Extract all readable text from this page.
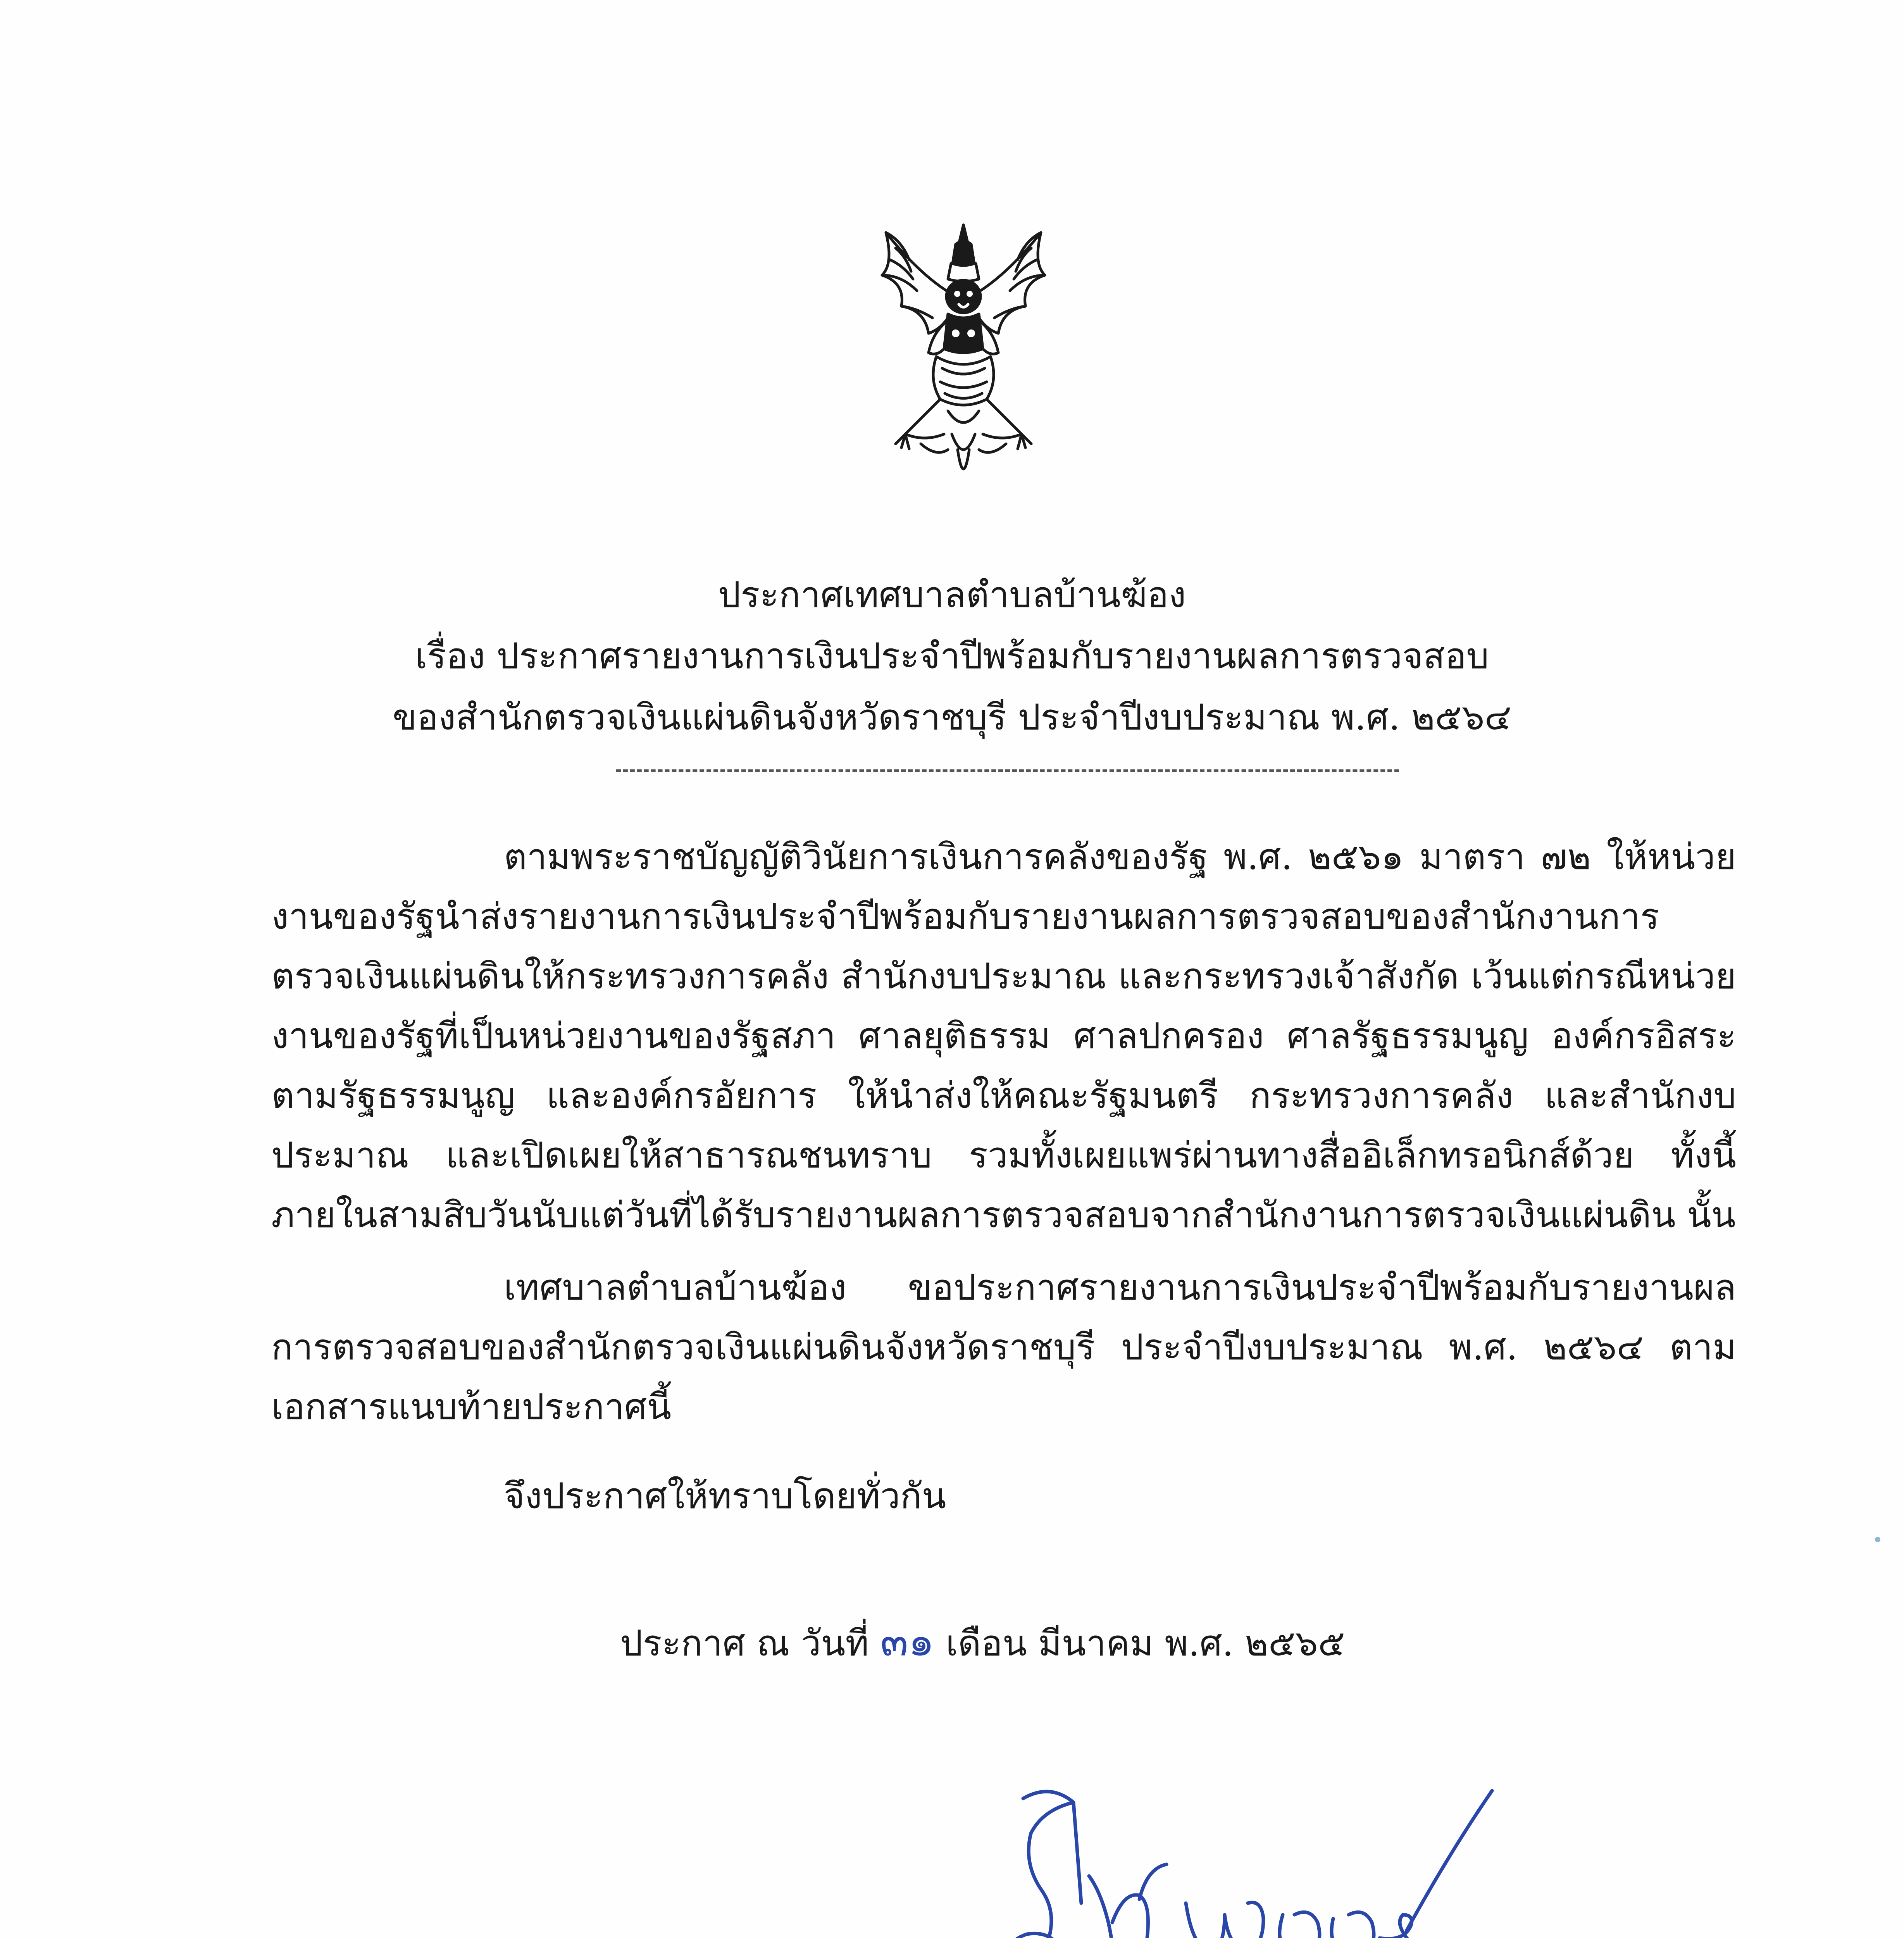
ประกาศเทศบาลตำบลบ้านฆ้อง
เรื่อง ประกาศรายงานการเงินประจำปีพร้อมกับรายงานผลการตรวจสอบ
ของสำนักตรวจเงินแผ่นดินจังหวัดราชบุรี ประจำปีงบประมาณ พ.ศ. ๒๕๖๔
ตามพระราชบัญญัติวินัยการเงินการคลังของรัฐ พ.ศ. ๒๕๖๑ มาตรา ๗๒ ให้หน่วยงานของรัฐนำส่งรายงานการเงินประจำปีพร้อมกับรายงานผลการตรวจสอบของสำนักงานการตรวจเงินแผ่นดินให้กระทรวงการคลัง สำนักงบประมาณ และกระทรวงเจ้าสังกัด เว้นแต่กรณีหน่วยงานของรัฐที่เป็นหน่วยงานของรัฐสภา ศาลยุติธรรม ศาลปกครอง ศาลรัฐธรรมนูญ องค์กรอิสระตามรัฐธรรมนูญ และองค์กรอัยการ ให้นำส่งให้คณะรัฐมนตรี กระทรวงการคลัง และสำนักงบประมาณ และเปิดเผยให้สาธารณชนทราบ รวมทั้งเผยแพร่ผ่านทางสื่ออิเล็กทรอนิกส์ด้วย ทั้งนี้ภายในสามสิบวันนับแต่วันที่ได้รับรายงานผลการตรวจสอบจากสำนักงานการตรวจเงินแผ่นดิน นั้น
เทศบาลตำบลบ้านฆ้อง ขอประกาศรายงานการเงินประจำปีพร้อมกับรายงานผลการตรวจสอบของสำนักตรวจเงินแผ่นดินจังหวัดราชบุรี ประจำปีงบประมาณ พ.ศ. ๒๕๖๔ ตามเอกสารแนบท้ายประกาศนี้
จึงประกาศให้ทราบโดยทั่วกัน
ประกาศ ณ วันที่ ๓๑ เดือน มีนาคม พ.ศ. ๒๕๖๕
